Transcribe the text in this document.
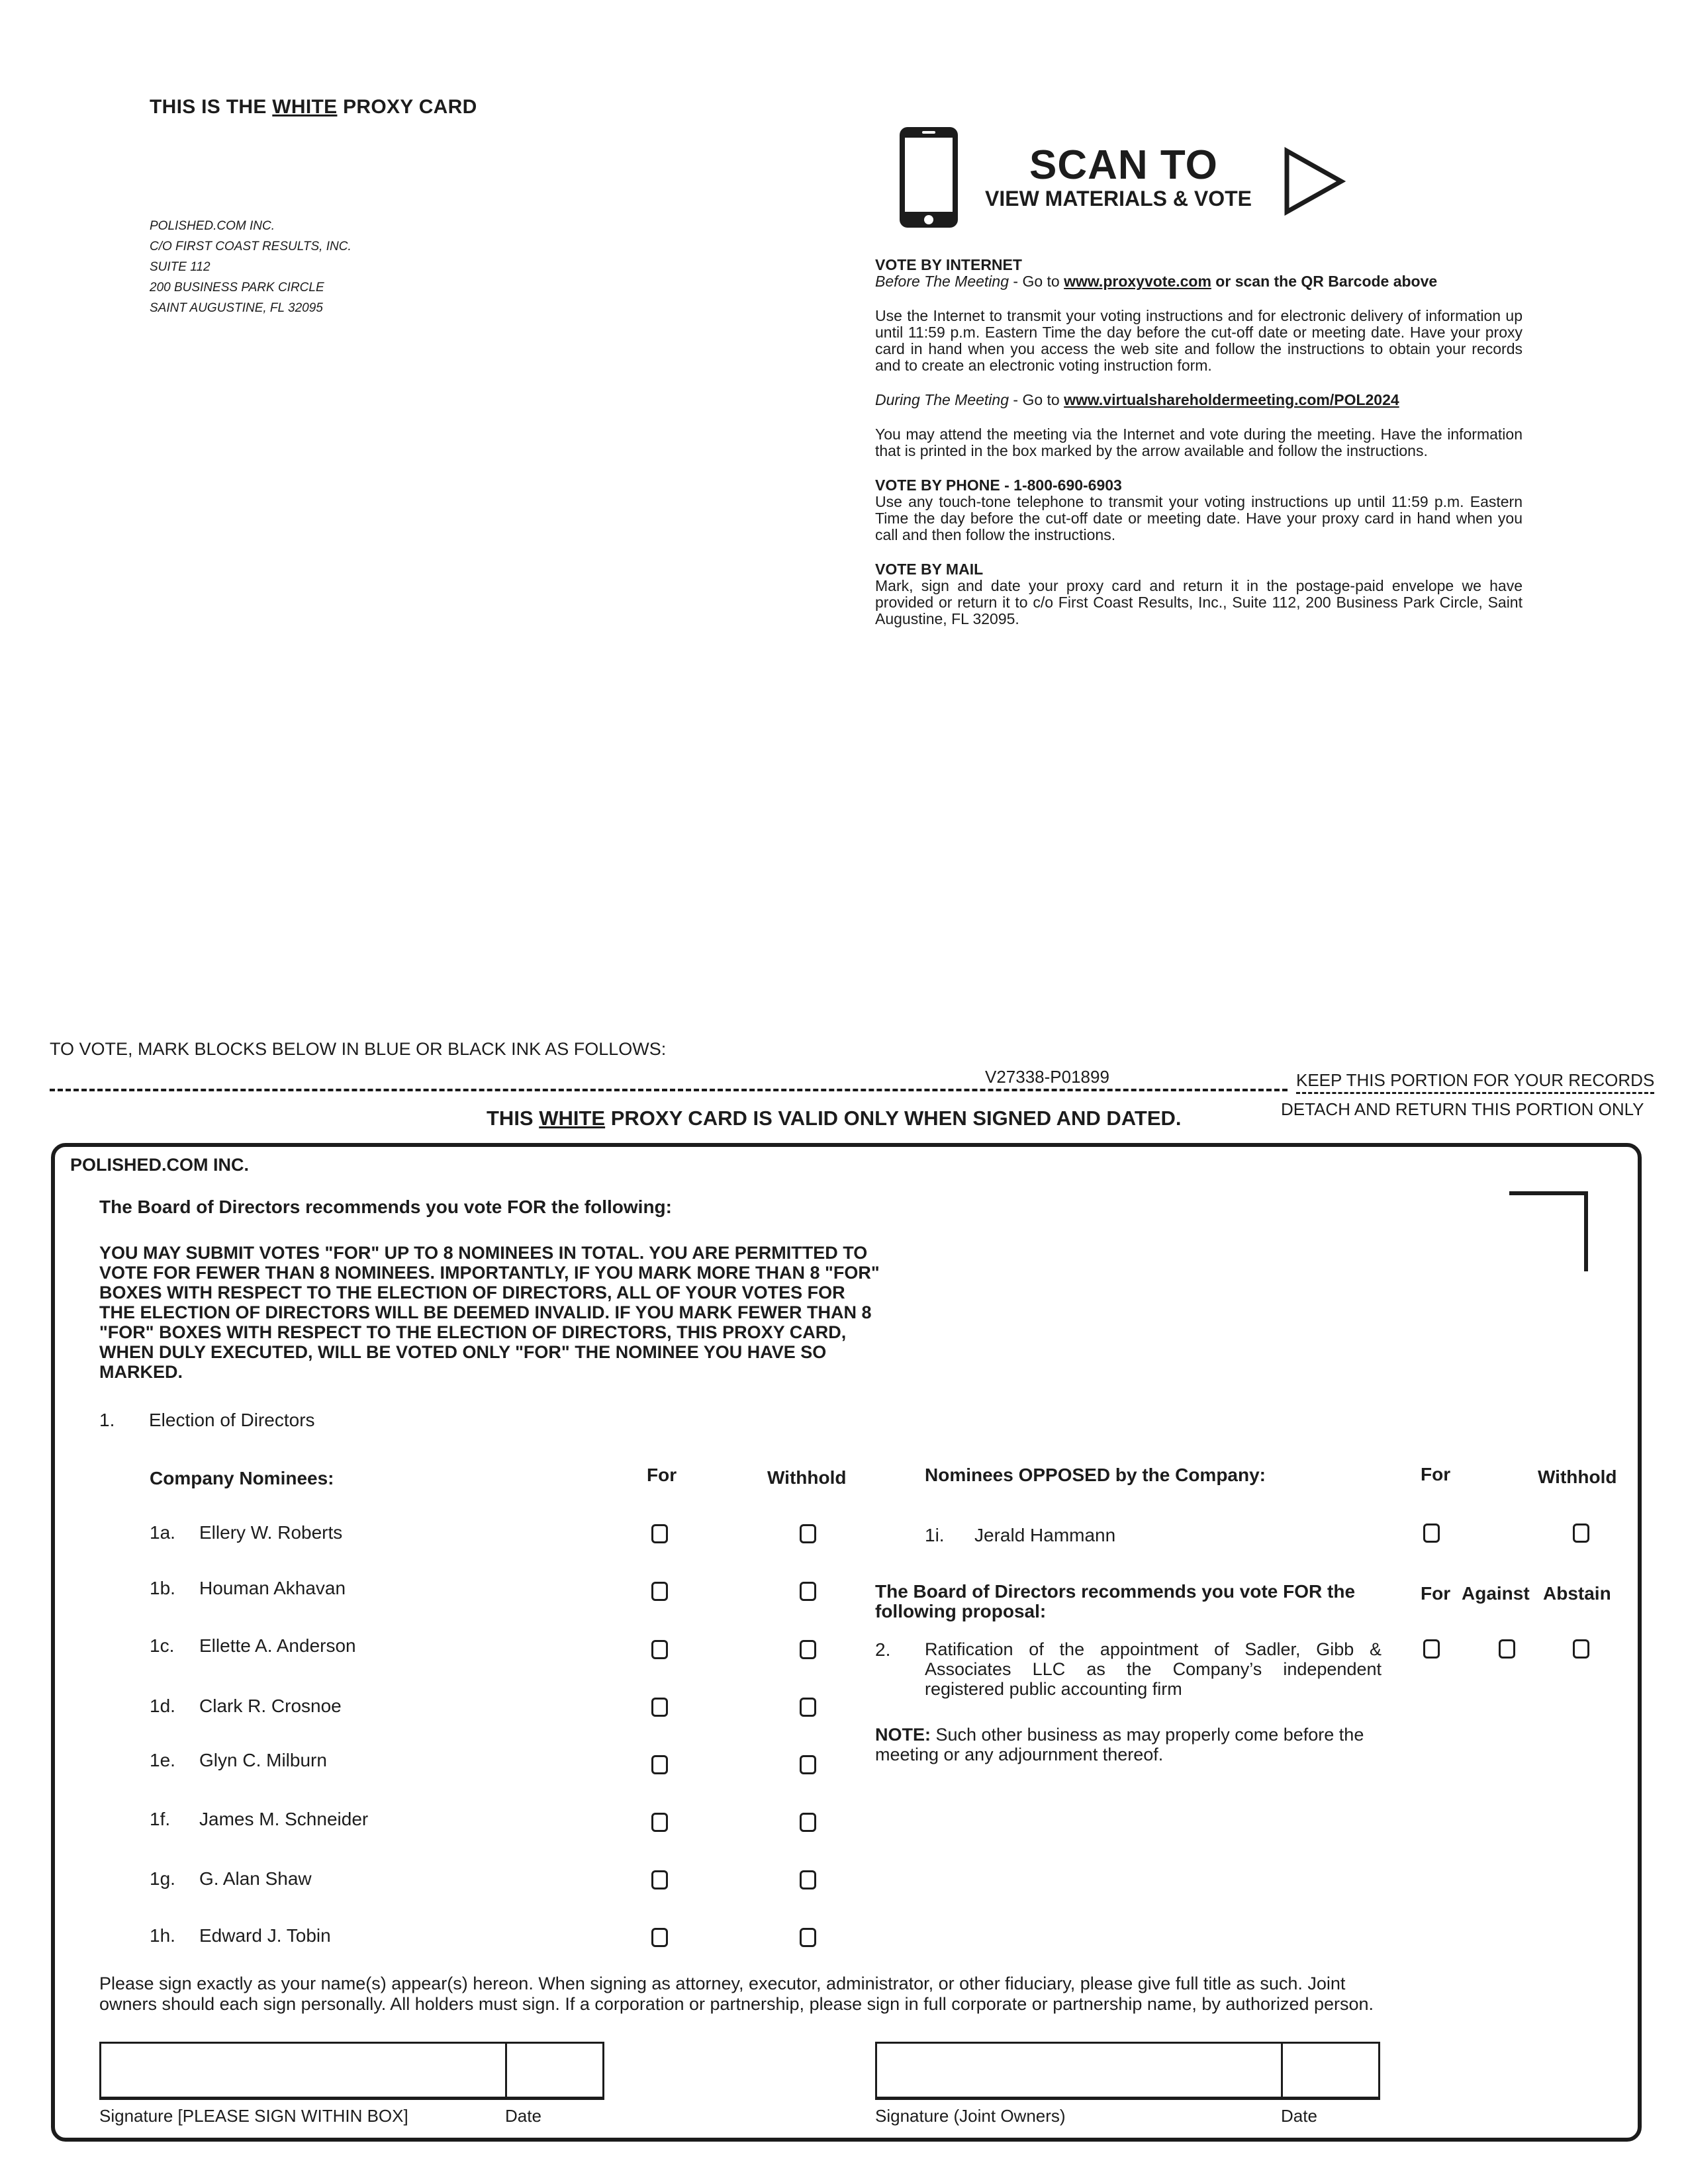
THIS IS THE WHITE PROXY CARD
POLISHED.COM INC.
C/O FIRST COAST RESULTS, INC.
SUITE 112
200 BUSINESS PARK CIRCLE
SAINT AUGUSTINE, FL 32095
SCAN TO
VIEW MATERIALS & VOTE

VOTE BY INTERNET

Before The Meeting - Go to www.proxyvote.com or scan the QR Barcode above

Use the Internet to transmit your voting instructions and for electronic delivery of information up until 11:59 p.m. Eastern Time the day before the cut-off date or meeting date. Have your proxy card in hand when you access the web site and follow the instructions to obtain your records and to create an electronic voting instruction form.

During The Meeting - Go to www.virtualshareholdermeeting.com/POL2024

You may attend the meeting via the Internet and vote during the meeting. Have the information that is printed in the box marked by the arrow available and follow the instructions.

VOTE BY PHONE - 1-800-690-6903

Use any touch-tone telephone to transmit your voting instructions up until 11:59 p.m. Eastern Time the day before the cut-off date or meeting date. Have your proxy card in hand when you call and then follow the instructions.

VOTE BY MAIL

Mark, sign and date your proxy card and return it in the postage-paid envelope we have provided or return it to c/o First Coast Results, Inc., Suite 112, 200 Business Park Circle, Saint Augustine, FL 32095.

TO VOTE, MARK BLOCKS BELOW IN BLUE OR BLACK INK AS FOLLOWS:
V27338-P01899	KEEP THIS PORTION FOR YOUR RECORDS
THIS WHITE PROXY CARD IS VALID ONLY WHEN SIGNED AND DATED.	DETACH AND RETURN THIS PORTION ONLY
POLISHED.COM INC.
The Board of Directors recommends you vote FOR the following:
YOU MAY SUBMIT VOTES "FOR" UP TO 8 NOMINEES IN TOTAL. YOU ARE PERMITTED TO VOTE FOR FEWER THAN 8 NOMINEES. IMPORTANTLY, IF YOU MARK MORE THAN 8 "FOR" BOXES WITH RESPECT TO THE ELECTION OF DIRECTORS, ALL OF YOUR VOTES FOR THE ELECTION OF DIRECTORS WILL BE DEEMED INVALID. IF YOU MARK FEWER THAN 8 "FOR" BOXES WITH RESPECT TO THE ELECTION OF DIRECTORS, THIS PROXY CARD, WHEN DULY EXECUTED, WILL BE VOTED ONLY "FOR" THE NOMINEE YOU HAVE SO MARKED.
1. Election of Directors
Company Nominees:	For	Withhold
1a. Ellery W. Roberts
1b. Houman Akhavan
1c. Ellette A. Anderson
1d. Clark R. Crosnoe
1e. Glyn C. Milburn
1f. James M. Schneider
1g. G. Alan Shaw
1h. Edward J. Tobin
Nominees OPPOSED by the Company:	For	Withhold
1i. Jerald Hammann
The Board of Directors recommends you vote FOR the following proposal:
For Against Abstain
2. Ratification of the appointment of Sadler, Gibb & Associates LLC as the Company’s independent registered public accounting firm
NOTE: Such other business as may properly come before the meeting or any adjournment thereof.
Please sign exactly as your name(s) appear(s) hereon. When signing as attorney, executor, administrator, or other fiduciary, please give full title as such. Joint owners should each sign personally. All holders must sign. If a corporation or partnership, please sign in full corporate or partnership name, by authorized person.
Signature [PLEASE SIGN WITHIN BOX]	Date	Signature (Joint Owners)	Date
